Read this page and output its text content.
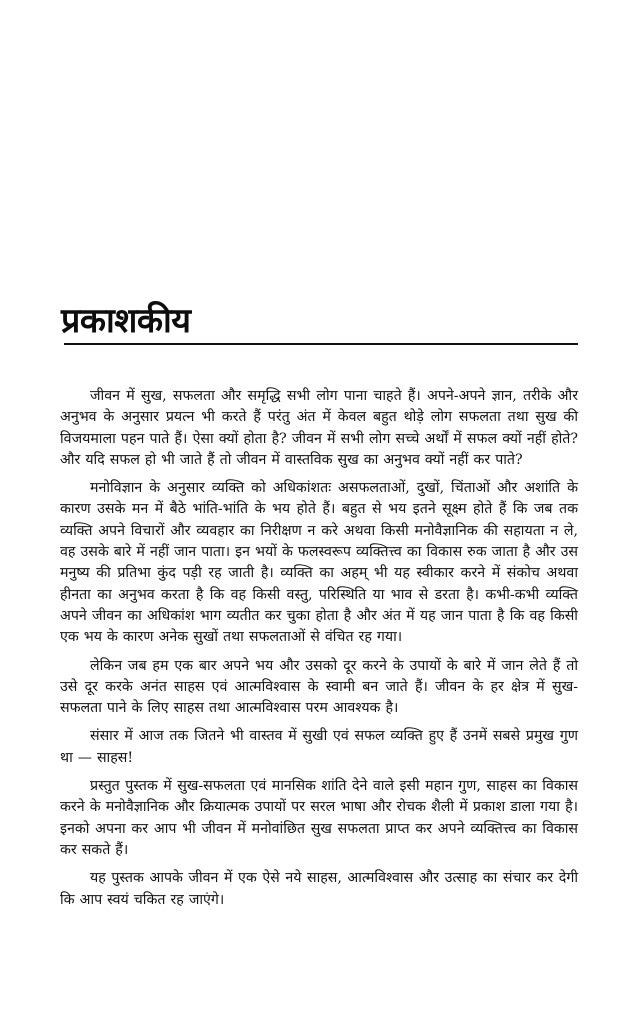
प्रकाशकीय

जीवन में सुख, सफलता और समृद्धि सभी लोग पाना चाहते हैं। अपने-अपने ज्ञान, तरीके और अनुभव के अनुसार प्रयत्न भी करते हैं परंतु अंत में केवल बहुत थोड़े लोग सफलता तथा सुख की विजयमाला पहन पाते हैं। ऐसा क्यों होता है? जीवन में सभी लोग सच्चे अर्थों में सफल क्यों नहीं होते? और यदि सफल हो भी जाते हैं तो जीवन में वास्तविक सुख का अनुभव क्यों नहीं कर पाते?

मनोविज्ञान के अनुसार व्यक्ति को अधिकांशतः असफलताओं, दुखों, चिंताओं और अशांति के कारण उसके मन में बैठे भांति-भांति के भय होते हैं। बहुत से भय इतने सूक्ष्म होते हैं कि जब तक व्यक्ति अपने विचारों और व्यवहार का निरीक्षण न करे अथवा किसी मनोवैज्ञानिक की सहायता न ले, वह उसके बारे में नहीं जान पाता। इन भयों के फलस्वरूप व्यक्तित्त्व का विकास रुक जाता है और उस मनुष्य की प्रतिभा कुंद पड़ी रह जाती है। व्यक्ति का अहम् भी यह स्वीकार करने में संकोच अथवा हीनता का अनुभव करता है कि वह किसी वस्तु, परिस्थिति या भाव से डरता है। कभी-कभी व्यक्ति अपने जीवन का अधिकांश भाग व्यतीत कर चुका होता है और अंत में यह जान पाता है कि वह किसी एक भय के कारण अनेक सुखों तथा सफलताओं से वंचित रह गया।

लेकिन जब हम एक बार अपने भय और उसको दूर करने के उपायों के बारे में जान लेते हैं तो उसे दूर करके अनंत साहस एवं आत्मविश्वास के स्वामी बन जाते हैं। जीवन के हर क्षेत्र में सुख-सफलता पाने के लिए साहस तथा आत्मविश्वास परम आवश्यक है।

संसार में आज तक जितने भी वास्तव में सुखी एवं सफल व्यक्ति हुए हैं उनमें सबसे प्रमुख गुण था — साहस!

प्रस्तुत पुस्तक में सुख-सफलता एवं मानसिक शांति देने वाले इसी महान गुण, साहस का विकास करने के मनोवैज्ञानिक और क्रियात्मक उपायों पर सरल भाषा और रोचक शैली में प्रकाश डाला गया है। इनको अपना कर आप भी जीवन में मनोवांछित सुख सफलता प्राप्त कर अपने व्यक्तित्त्व का विकास कर सकते हैं।

यह पुस्तक आपके जीवन में एक ऐसे नये साहस, आत्मविश्वास और उत्साह का संचार कर देगी कि आप स्वयं चकित रह जाएंगे।
